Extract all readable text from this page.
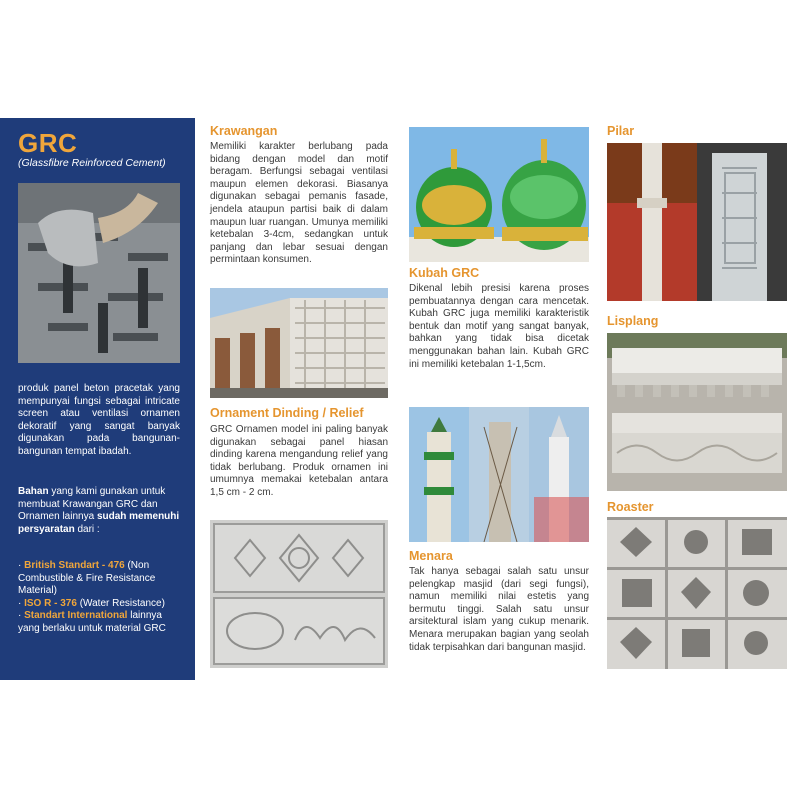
GRC
(Glassfibre Reinforced Cement)
produk panel beton pracetak yang mempunyai fungsi sebagai intricate screen atau ventilasi ornamen dekoratif yang sangat banyak digunakan pada bangunan-bangunan tempat ibadah.
Bahan yang kami gunakan untuk membuat Krawangan GRC dan Ornamen lainnya sudah memenuhi persyaratan dari :
· British Standart - 476 (Non Combustible & Fire Resistance Material)
· ISO R - 376 (Water Resistance)
· Standart International lainnya yang berlaku untuk material GRC
Krawangan
Memiliki karakter berlubang pada bidang dengan model dan motif beragam. Berfungsi sebagai ventilasi maupun elemen dekorasi. Biasanya digunakan sebagai pemanis fasade, jendela ataupun partisi baik di dalam maupun luar ruangan. Umunya memiliki ketebalan 3-4cm, sedangkan untuk panjang dan lebar sesuai dengan permintaan konsumen.
Ornament Dinding / Relief
GRC Ornamen model ini paling banyak digunakan sebagai panel hiasan dinding karena mengandung relief yang tidak berlubang. Produk ornamen ini umumnya memakai ketebalan antara 1,5 cm - 2 cm.
Kubah GRC
Dikenal lebih presisi karena proses pembuatannya dengan cara mencetak. Kubah GRC juga memiliki karakteristik bentuk dan motif yang sangat banyak, bahkan yang tidak bisa dicetak menggunakan bahan lain. Kubah GRC ini memiliki ketebalan 1-1,5cm.
Menara
Tak hanya sebagai salah satu unsur pelengkap masjid (dari segi fungsi), namun memiliki nilai estetis yang bermutu tinggi. Salah satu unsur arsitektural islam yang cukup menarik. Menara merupakan bagian yang seolah tidak terpisahkan dari bangunan masjid.
Pilar
Lisplang
Roaster
